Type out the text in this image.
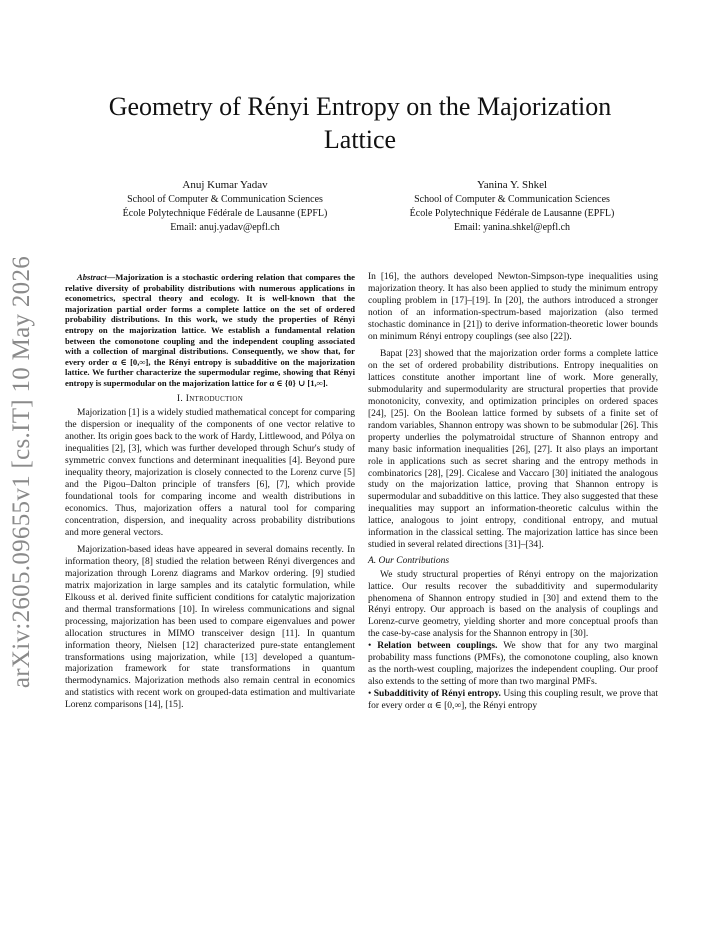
arXiv:2605.09655v1 [cs.IT] 10 May 2026
Geometry of Rényi Entropy on the Majorization Lattice
Anuj Kumar Yadav
School of Computer & Communication Sciences
École Polytechnique Fédérale de Lausanne (EPFL)
Email: anuj.yadav@epfl.ch
Yanina Y. Shkel
School of Computer & Communication Sciences
École Polytechnique Fédérale de Lausanne (EPFL)
Email: yanina.shkel@epfl.ch

Abstract—Majorization is a stochastic ordering relation that compares the relative diversity of probability distributions with numerous applications in econometrics, spectral theory and ecology. It is well-known that the majorization partial order forms a complete lattice on the set of ordered probability distributions. In this work, we study the properties of Rényi entropy on the majorization lattice. We establish a fundamental relation between the comonotone coupling and the independent coupling associated with a collection of marginal distributions. Consequently, we show that, for every order α ∈ [0,∞], the Rényi entropy is subadditive on the majorization lattice. We further characterize the supermodular regime, showing that Rényi entropy is supermodular on the majorization lattice for α ∈ {0} ∪ [1,∞].

I. Introduction

Majorization [1] is a widely studied mathematical concept for comparing the dispersion or inequality of the components of one vector relative to another. Its origin goes back to the work of Hardy, Littlewood, and Pólya on inequalities [2], [3], which was further developed through Schur's study of symmetric convex functions and determinant inequalities [4]. Beyond pure inequality theory, majorization is closely connected to the Lorenz curve [5] and the Pigou–Dalton principle of transfers [6], [7], which provide foundational tools for comparing income and wealth distributions in economics. Thus, majorization offers a natural tool for comparing concentration, dispersion, and inequality across probability distributions and more general vectors.

Majorization-based ideas have appeared in several domains recently. In information theory, [8] studied the relation between Rényi divergences and majorization through Lorenz diagrams and Markov ordering. [9] studied matrix majorization in large samples and its catalytic formulation, while Elkouss et al. derived finite sufficient conditions for catalytic majorization and thermal transformations [10]. In wireless communications and signal processing, majorization has been used to compare eigenvalues and power allocation structures in MIMO transceiver design [11]. In quantum information theory, Nielsen [12] characterized pure-state entanglement transformations using majorization, while [13] developed a quantum-majorization framework for state transformations in quantum thermodynamics. Majorization methods also remain central in economics and statistics with recent work on grouped-data estimation and multivariate Lorenz comparisons [14], [15].

In [16], the authors developed Newton-Simpson-type inequalities using majorization theory. It has also been applied to study the minimum entropy coupling problem in [17]–[19]. In [20], the authors introduced a stronger notion of an information-spectrum-based majorization (also termed stochastic dominance in [21]) to derive information-theoretic lower bounds on minimum Rényi entropy couplings (see also [22]).

Bapat [23] showed that the majorization order forms a complete lattice on the set of ordered probability distributions. Entropy inequalities on lattices constitute another important line of work. More generally, submodularity and supermodularity are structural properties that provide monotonicity, convexity, and optimization principles on ordered spaces [24], [25]. On the Boolean lattice formed by subsets of a finite set of random variables, Shannon entropy was shown to be submodular [26]. This property underlies the polymatroidal structure of Shannon entropy and many basic information inequalities [26], [27]. It also plays an important role in applications such as secret sharing and the entropy methods in combinatorics [28], [29]. Cicalese and Vaccaro [30] initiated the analogous study on the majorization lattice, proving that Shannon entropy is supermodular and subadditive on this lattice. They also suggested that these inequalities may support an information-theoretic calculus within the lattice, analogous to joint entropy, conditional entropy, and mutual information in the classical setting. The majorization lattice has since been studied in several related directions [31]–[34].

A. Our Contributions

We study structural properties of Rényi entropy on the majorization lattice. Our results recover the subadditivity and supermodularity phenomena of Shannon entropy studied in [30] and extend them to the Rényi entropy. Our approach is based on the analysis of couplings and Lorenz-curve geometry, yielding shorter and more conceptual proofs than the case-by-case analysis for the Shannon entropy in [30].

• Relation between couplings. We show that for any two marginal probability mass functions (PMFs), the comonotone coupling, also known as the north-west coupling, majorizes the independent coupling. Our proof also extends to the setting of more than two marginal PMFs.

• Subadditivity of Rényi entropy. Using this coupling result, we prove that for every order α ∈ [0,∞], the Rényi entropy
